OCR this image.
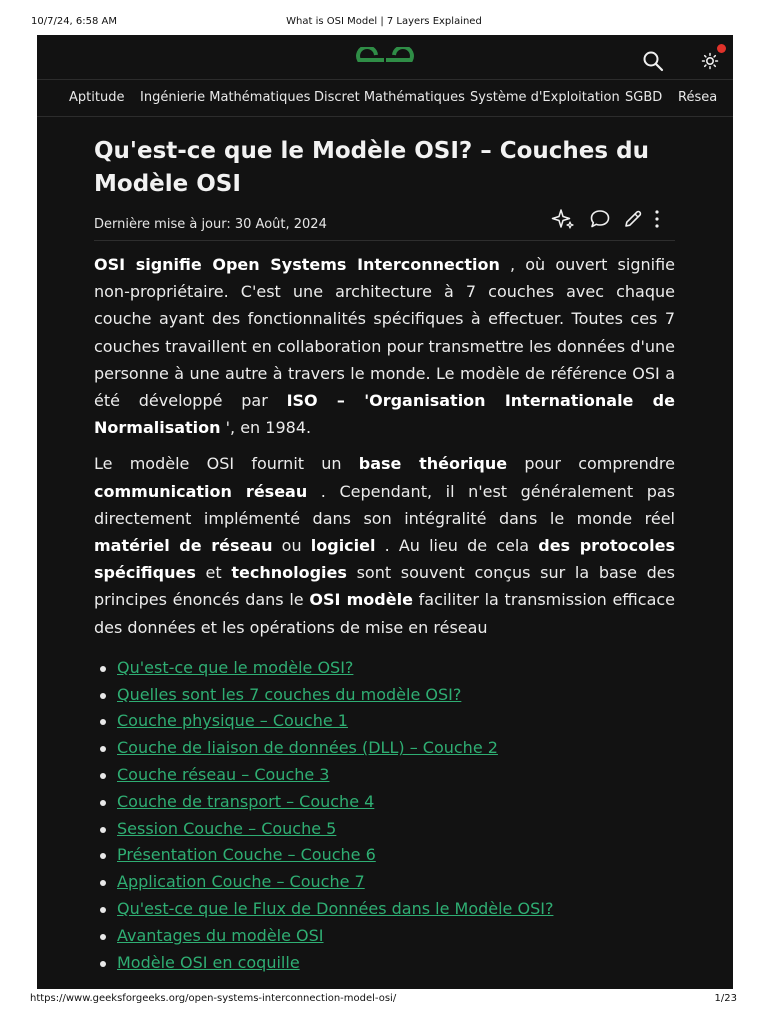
10/7/24, 6:58 AM	What is OSI Model | 7 Layers Explained
Aptitude Ingénierie Mathématiques Discret Mathématiques Système d'Exploitation SGBD Résea
Qu'est-ce que le Modèle OSI? – Couches du Modèle OSI
Dernière mise à jour: 30 Août, 2024

OSI signifie Open Systems Interconnection , où ouvert signifie non-propriétaire. C'est une architecture à 7 couches avec chaque couche ayant des fonctionnalités spécifiques à effectuer. Toutes ces 7 couches travaillent en collaboration pour transmettre les données d'une personne à une autre à travers le monde. Le modèle de référence OSI a été développé par ISO – 'Organisation Internationale de Normalisation ', en 1984.

Le modèle OSI fournit un base théorique pour comprendre communication réseau . Cependant, il n'est généralement pas directement implémenté dans son intégralité dans le monde réel matériel de réseau ou logiciel . Au lieu de cela des protocoles spécifiques et technologies sont souvent conçus sur la base des principes énoncés dans le OSI modèle faciliter la transmission efficace des données et les opérations de mise en réseau

Qu'est-ce que le modèle OSI?
Quelles sont les 7 couches du modèle OSI?
Couche physique – Couche 1
Couche de liaison de données (DLL) – Couche 2
Couche réseau – Couche 3
Couche de transport – Couche 4
Session Couche – Couche 5
Présentation Couche – Couche 6
Application Couche – Couche 7
Qu'est-ce que le Flux de Données dans le Modèle OSI?
Avantages du modèle OSI
Modèle OSI en coquille
https://www.geeksforgeeks.org/open-systems-interconnection-model-osi/	1/23
